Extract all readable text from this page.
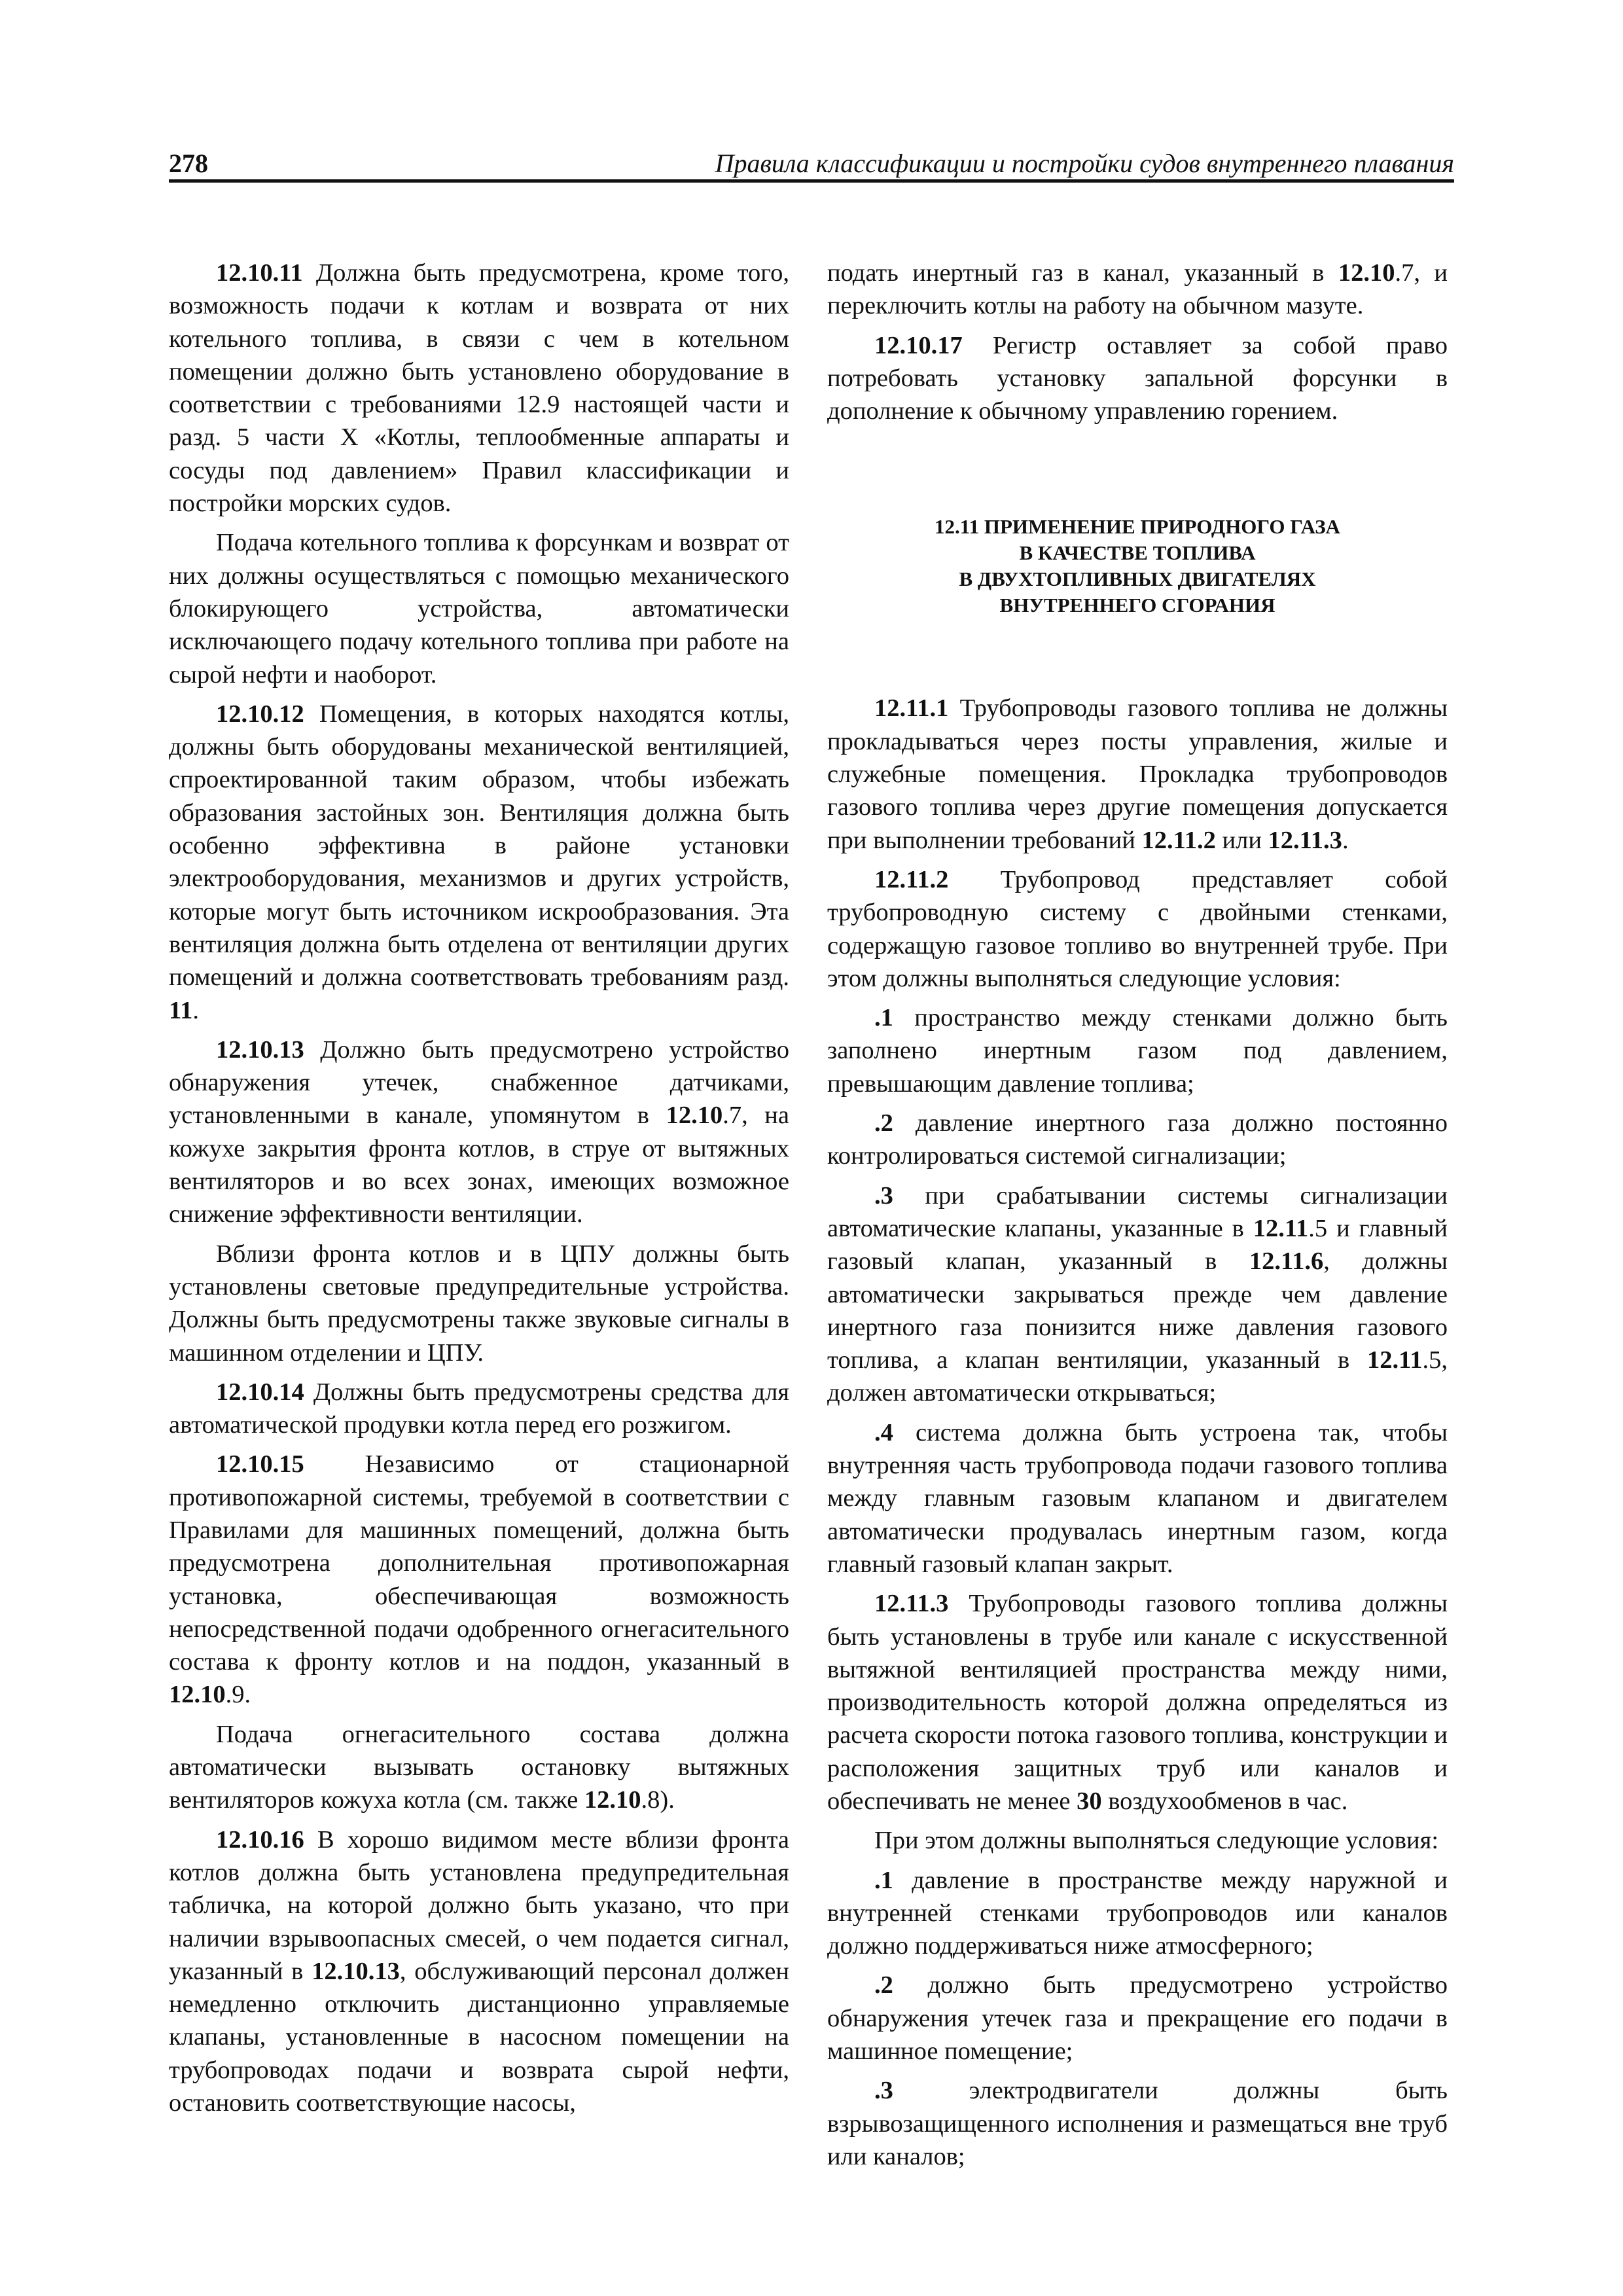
278	Правила классификации и постройки судов внутреннего плавания

12.10.11 Должна быть предусмотрена, кроме того, возможность подачи к котлам и возврата от них котельного топлива, в связи с чем в котельном помещении должно быть установлено оборудование в соответствии с требованиями 12.9 настоящей части и разд. 5 части X «Котлы, теплообменные аппараты и сосуды под давлением» Правил классификации и постройки морских судов.

Подача котельного топлива к форсункам и возврат от них должны осуществляться с помощью механического блокирующего устройства, автоматически исключающего подачу котельного топлива при работе на сырой нефти и наоборот.

12.10.12 Помещения, в которых находятся котлы, должны быть оборудованы механической вентиляцией, спроектированной таким образом, чтобы избежать образования застойных зон. Вентиляция должна быть особенно эффективна в районе установки электрооборудования, механизмов и других устройств, которые могут быть источником искрообразования. Эта вентиляция должна быть отделена от вентиляции других помещений и должна соответствовать требованиям разд. 11.

12.10.13 Должно быть предусмотрено устройство обнаружения утечек, снабженное датчиками, установленными в канале, упомянутом в 12.10.7, на кожухе закрытия фронта котлов, в струе от вытяжных вентиляторов и во всех зонах, имеющих возможное снижение эффективности вентиляции.

Вблизи фронта котлов и в ЦПУ должны быть установлены световые предупредительные устройства. Должны быть предусмотрены также звуковые сигналы в машинном отделении и ЦПУ.

12.10.14 Должны быть предусмотрены средства для автоматической продувки котла перед его розжигом.

12.10.15 Независимо от стационарной противопожарной системы, требуемой в соответствии с Правилами для машинных помещений, должна быть предусмотрена дополнительная противопожарная установка, обеспечивающая возможность непосредственной подачи одобренного огнегасительного состава к фронту котлов и на поддон, указанный в 12.10.9.

Подача огнегасительного состава должна автоматически вызывать остановку вытяжных вентиляторов кожуха котла (см. также 12.10.8).

12.10.16 В хорошо видимом месте вблизи фронта котлов должна быть установлена предупредительная табличка, на которой должно быть указано, что при наличии взрывоопасных смесей, о чем подается сигнал, указанный в 12.10.13, обслуживающий персонал должен немедленно отключить дистанционно управляемые клапаны, установленные в насосном помещении на трубопроводах подачи и возврата сырой нефти, остановить соответствующие насосы,

подать инертный газ в канал, указанный в 12.10.7, и переключить котлы на работу на обычном мазуте.

12.10.17 Регистр оставляет за собой право потребовать установку запальной форсунки в дополнение к обычному управлению горением.

12.11 ПРИМЕНЕНИЕ ПРИРОДНОГО ГАЗА
В КАЧЕСТВЕ ТОПЛИВА
В ДВУХТОПЛИВНЫХ ДВИГАТЕЛЯХ
ВНУТРЕННЕГО СГОРАНИЯ

12.11.1 Трубопроводы газового топлива не должны прокладываться через посты управления, жилые и служебные помещения. Прокладка трубопроводов газового топлива через другие помещения допускается при выполнении требований 12.11.2 или 12.11.3.

12.11.2 Трубопровод представляет собой трубопроводную систему с двойными стенками, содержащую газовое топливо во внутренней трубе. При этом должны выполняться следующие условия:

.1 пространство между стенками должно быть заполнено инертным газом под давлением, превышающим давление топлива;

.2 давление инертного газа должно постоянно контролироваться системой сигнализации;

.3 при срабатывании системы сигнализации автоматические клапаны, указанные в 12.11.5 и главный газовый клапан, указанный в 12.11.6, должны автоматически закрываться прежде чем давление инертного газа понизится ниже давления газового топлива, а клапан вентиляции, указанный в 12.11.5, должен автоматически открываться;

.4 система должна быть устроена так, чтобы внутренняя часть трубопровода подачи газового топлива между главным газовым клапаном и двигателем автоматически продувалась инертным газом, когда главный газовый клапан закрыт.

12.11.3 Трубопроводы газового топлива должны быть установлены в трубе или канале с искусственной вытяжной вентиляцией пространства между ними, производительность которой должна определяться из расчета скорости потока газового топлива, конструкции и расположения защитных труб или каналов и обеспечивать не менее 30 воздухообменов в час.

При этом должны выполняться следующие условия:

.1 давление в пространстве между наружной и внутренней стенками трубопроводов или каналов должно поддерживаться ниже атмосферного;

.2 должно быть предусмотрено устройство обнаружения утечек газа и прекращение его подачи в машинное помещение;

.3 электродвигатели должны быть взрывозащищенного исполнения и размещаться вне труб или каналов;
